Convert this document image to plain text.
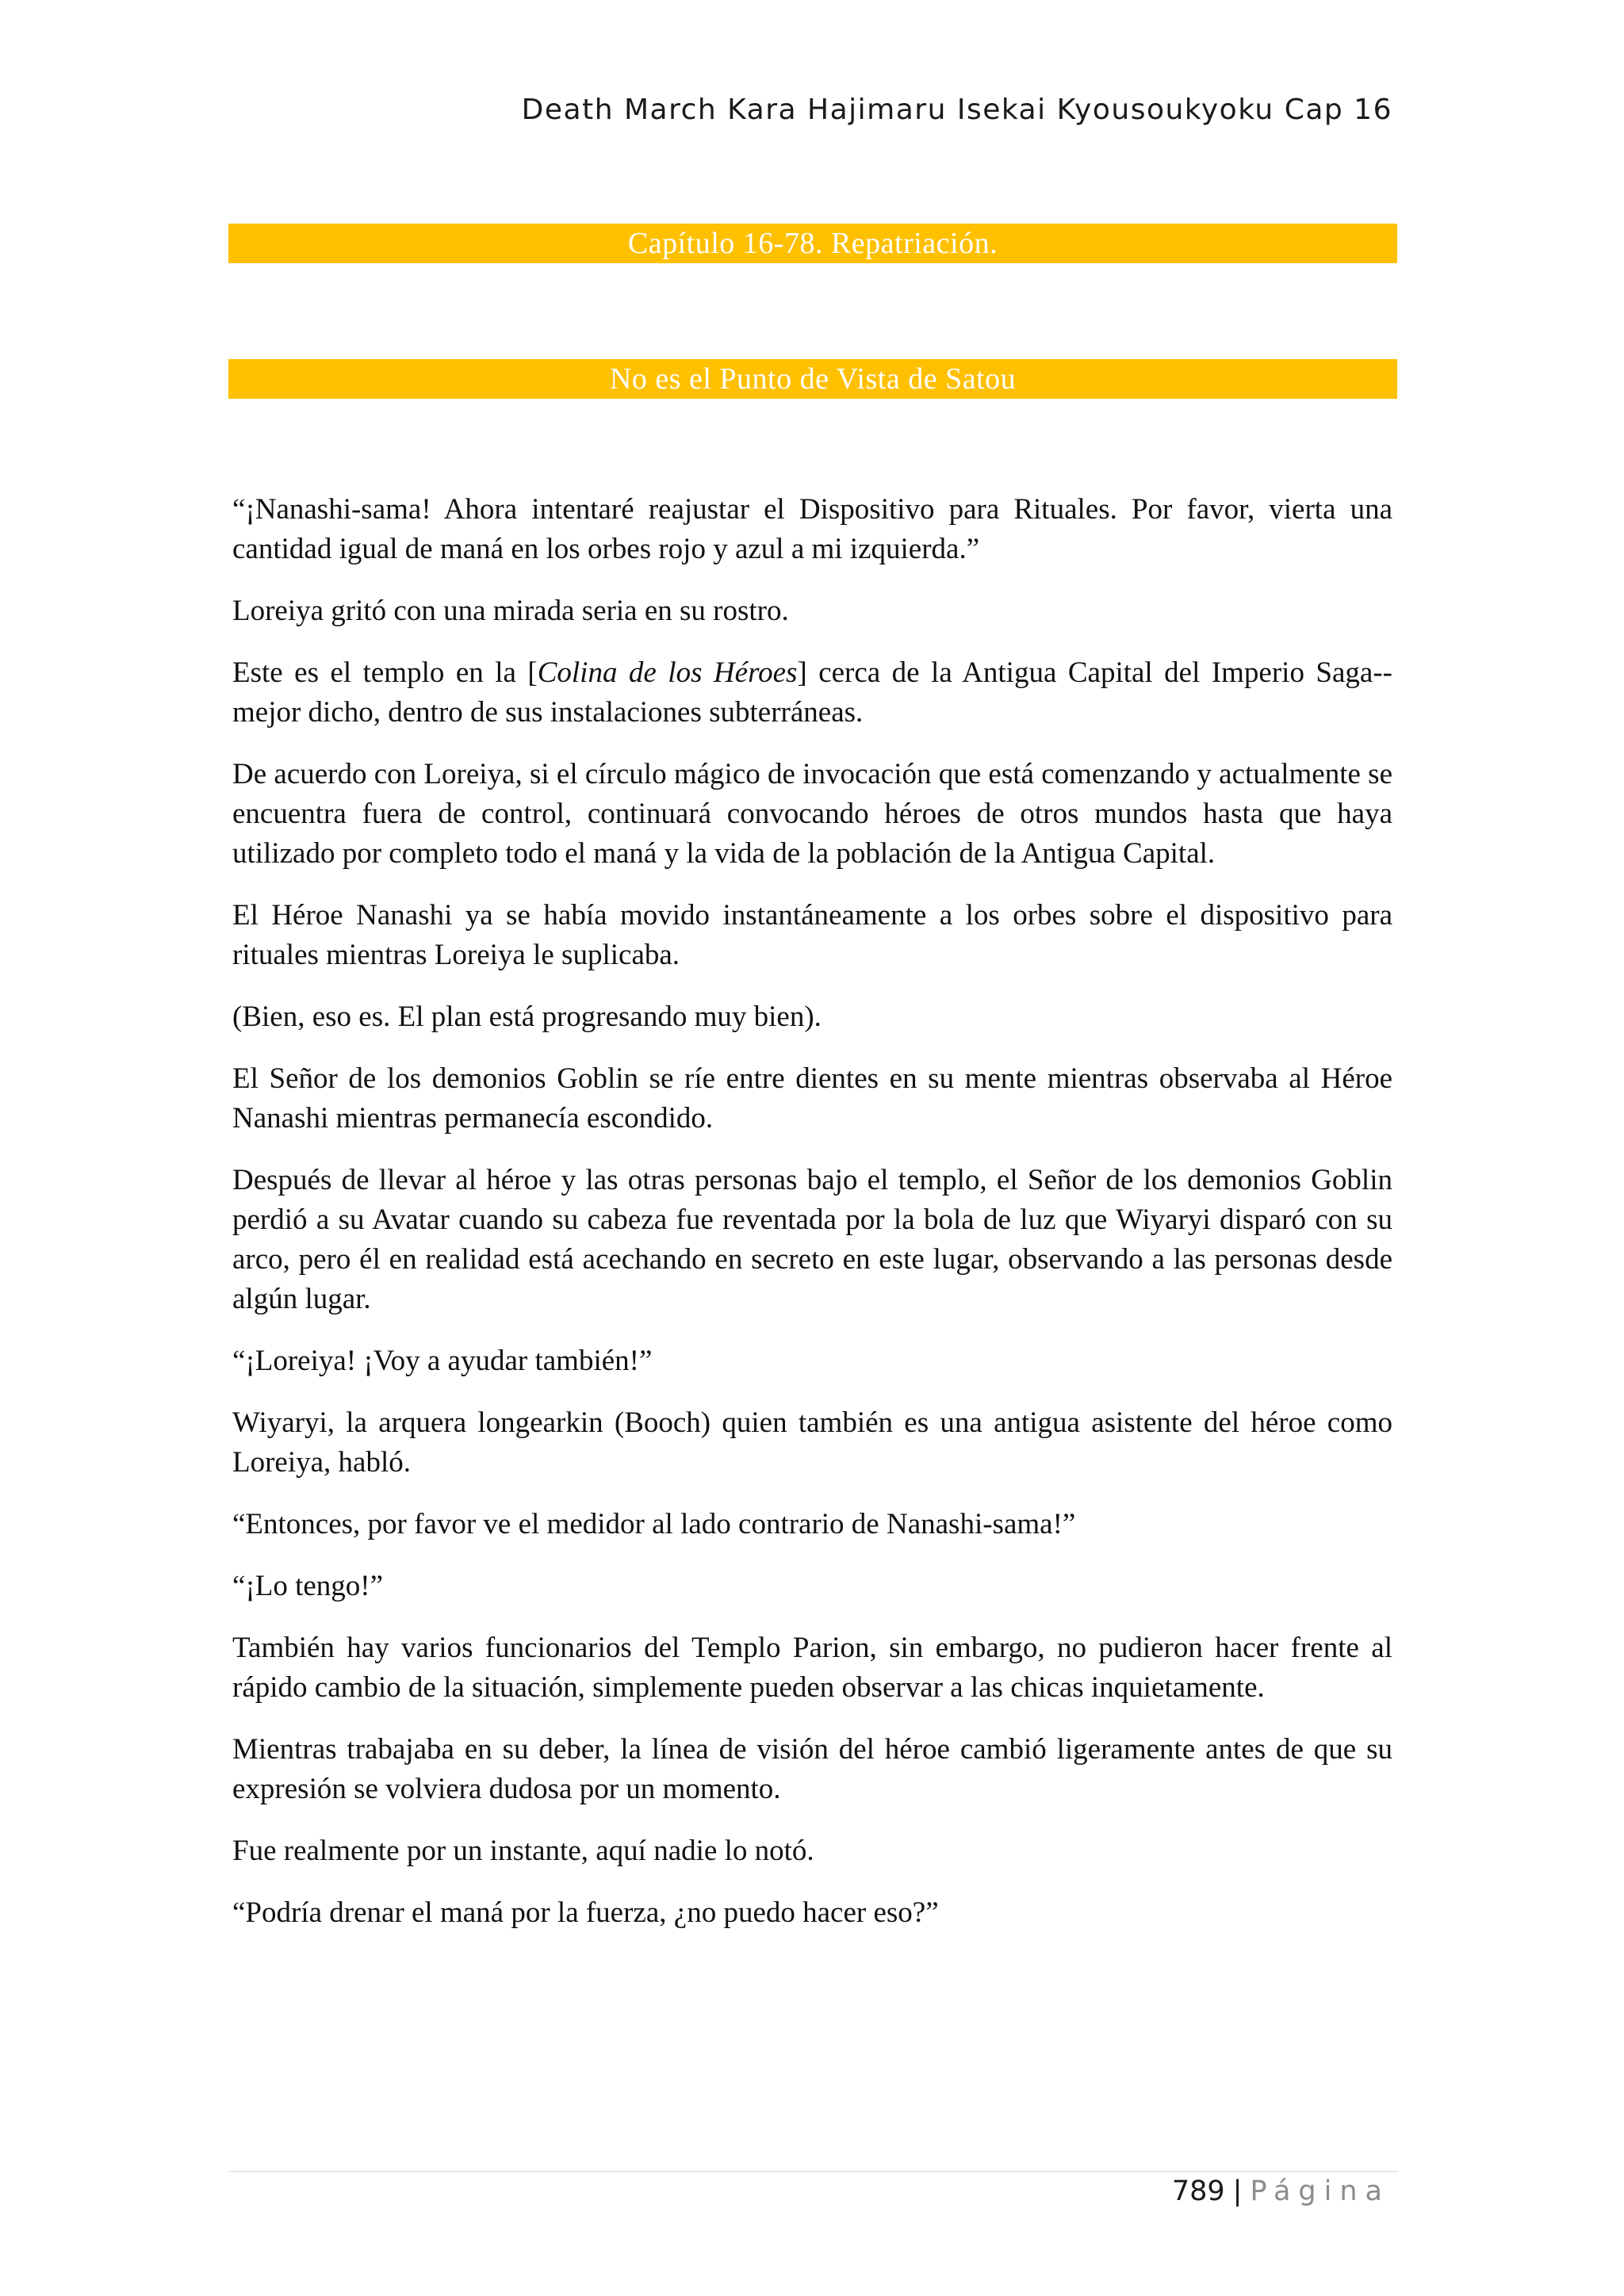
Death March Kara Hajimaru Isekai Kyousoukyoku Cap 16
Capítulo 16-78. Repatriación.
No es el Punto de Vista de Satou

“¡Nanashi-sama! Ahora intentaré reajustar el Dispositivo para Rituales. Por favor, vierta una cantidad igual de maná en los orbes rojo y azul a mi izquierda.”

Loreiya gritó con una mirada seria en su rostro.

Este es el templo en la [Colina de los Héroes] cerca de la Antigua Capital del Imperio Saga-- mejor dicho, dentro de sus instalaciones subterráneas.

De acuerdo con Loreiya, si el círculo mágico de invocación que está comenzando y actualmente se encuentra fuera de control, continuará convocando héroes de otros mundos hasta que haya utilizado por completo todo el maná y la vida de la población de la Antigua Capital.

El Héroe Nanashi ya se había movido instantáneamente a los orbes sobre el dispositivo para rituales mientras Loreiya le suplicaba.

(Bien, eso es. El plan está progresando muy bien).

El Señor de los demonios Goblin se ríe entre dientes en su mente mientras observaba al Héroe Nanashi mientras permanecía escondido.

Después de llevar al héroe y las otras personas bajo el templo, el Señor de los demonios Goblin perdió a su Avatar cuando su cabeza fue reventada por la bola de luz que Wiyaryi disparó con su arco, pero él en realidad está acechando en secreto en este lugar, observando a las personas desde algún lugar.

“¡Loreiya! ¡Voy a ayudar también!”

Wiyaryi, la arquera longearkin (Booch) quien también es una antigua asistente del héroe como Loreiya, habló.

“Entonces, por favor ve el medidor al lado contrario de Nanashi-sama!”

“¡Lo tengo!”

También hay varios funcionarios del Templo Parion, sin embargo, no pudieron hacer frente al rápido cambio de la situación, simplemente pueden observar a las chicas inquietamente.

Mientras trabajaba en su deber, la línea de visión del héroe cambió ligeramente antes de que su expresión se volviera dudosa por un momento.

Fue realmente por un instante, aquí nadie lo notó.

“Podría drenar el maná por la fuerza, ¿no puedo hacer eso?”

789 | Página
